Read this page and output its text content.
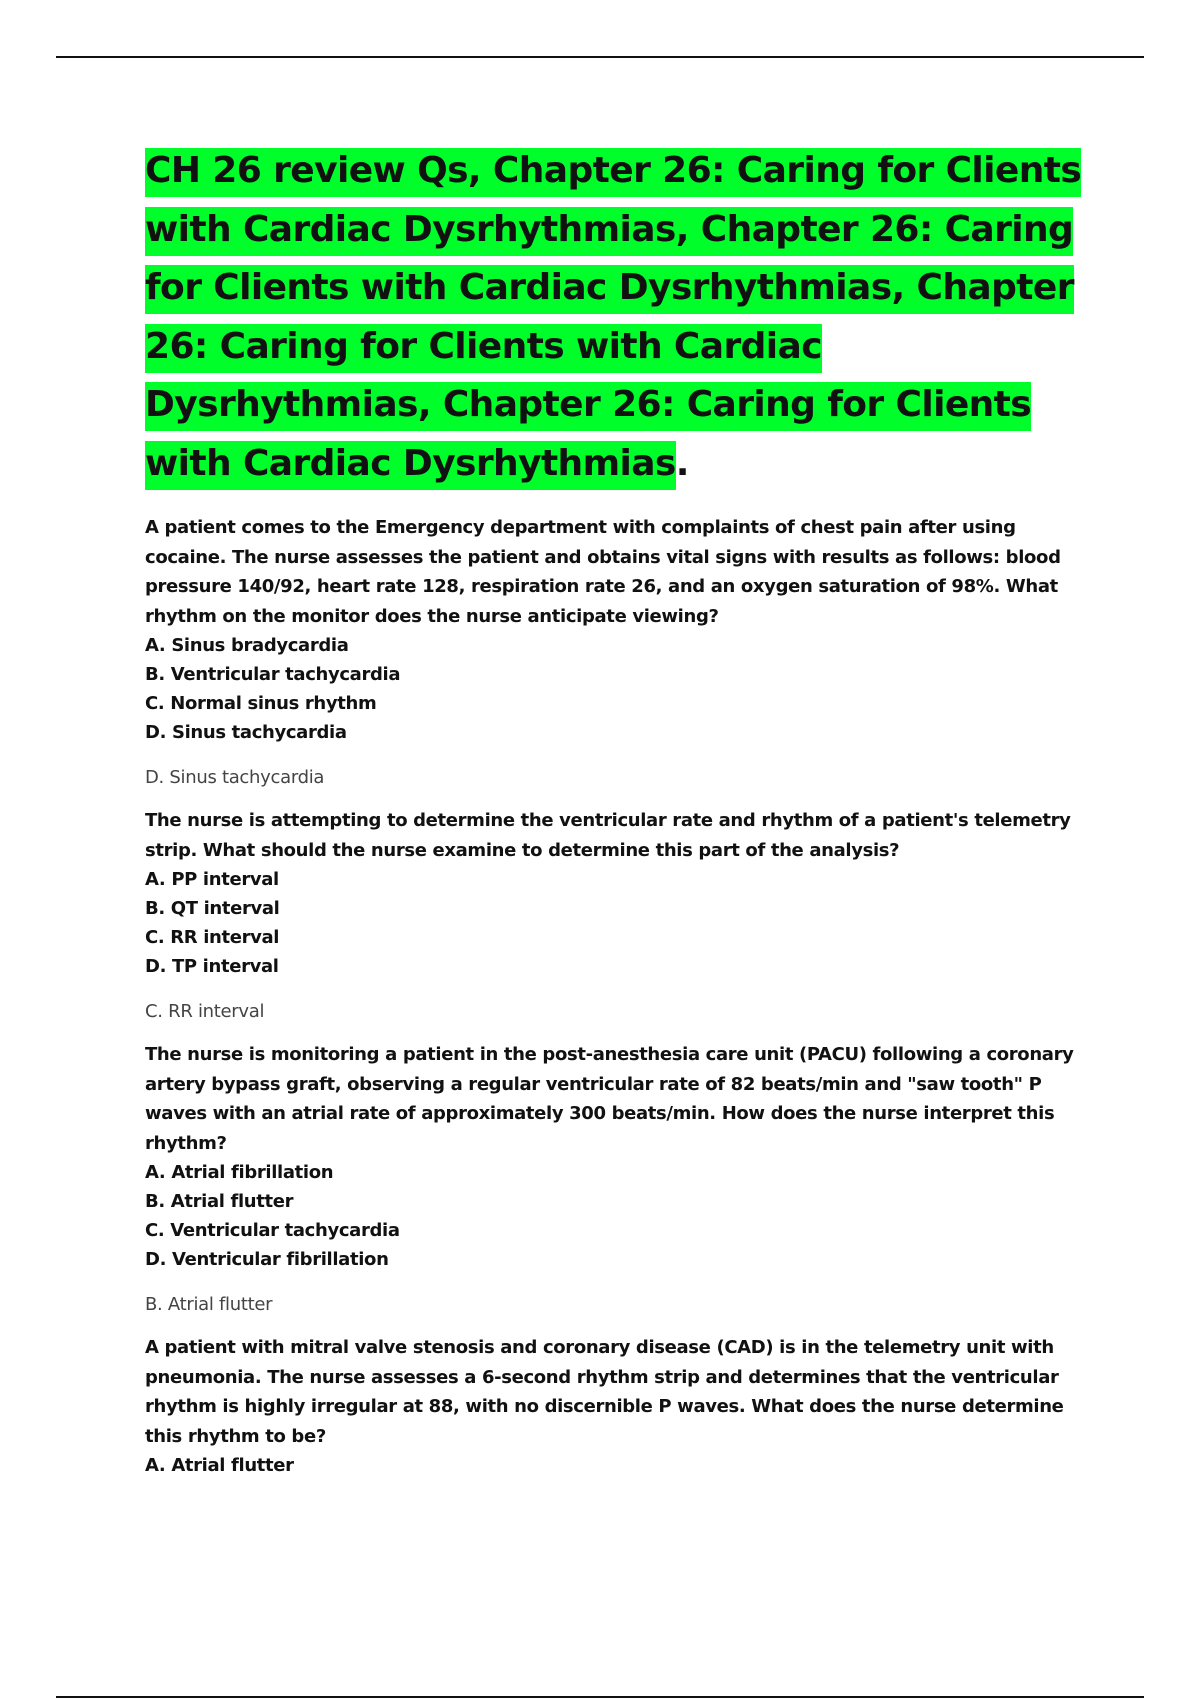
CH 26 review Qs, Chapter 26: Caring for Clients with Cardiac Dysrhythmias, Chapter 26: Caring for Clients with Cardiac Dysrhythmias, Chapter 26: Caring for Clients with Cardiac Dysrhythmias, Chapter 26: Caring for Clients with Cardiac Dysrhythmias.

A patient comes to the Emergency department with complaints of chest pain after using cocaine. The nurse assesses the patient and obtains vital signs with results as follows: blood pressure 140/92, heart rate 128, respiration rate 26, and an oxygen saturation of 98%. What rhythm on the monitor does the nurse anticipate viewing?

A. Sinus bradycardia
B. Ventricular tachycardia
C. Normal sinus rhythm
D. Sinus tachycardia

D. Sinus tachycardia

The nurse is attempting to determine the ventricular rate and rhythm of a patient's telemetry strip. What should the nurse examine to determine this part of the analysis?

A. PP interval
B. QT interval
C. RR interval
D. TP interval

C. RR interval

The nurse is monitoring a patient in the post-anesthesia care unit (PACU) following a coronary artery bypass graft, observing a regular ventricular rate of 82 beats/min and "saw tooth" P waves with an atrial rate of approximately 300 beats/min. How does the nurse interpret this rhythm?

A. Atrial fibrillation
B. Atrial flutter
C. Ventricular tachycardia
D. Ventricular fibrillation

B. Atrial flutter

A patient with mitral valve stenosis and coronary disease (CAD) is in the telemetry unit with pneumonia. The nurse assesses a 6-second rhythm strip and determines that the ventricular rhythm is highly irregular at 88, with no discernible P waves. What does the nurse determine this rhythm to be?

A. Atrial flutter
